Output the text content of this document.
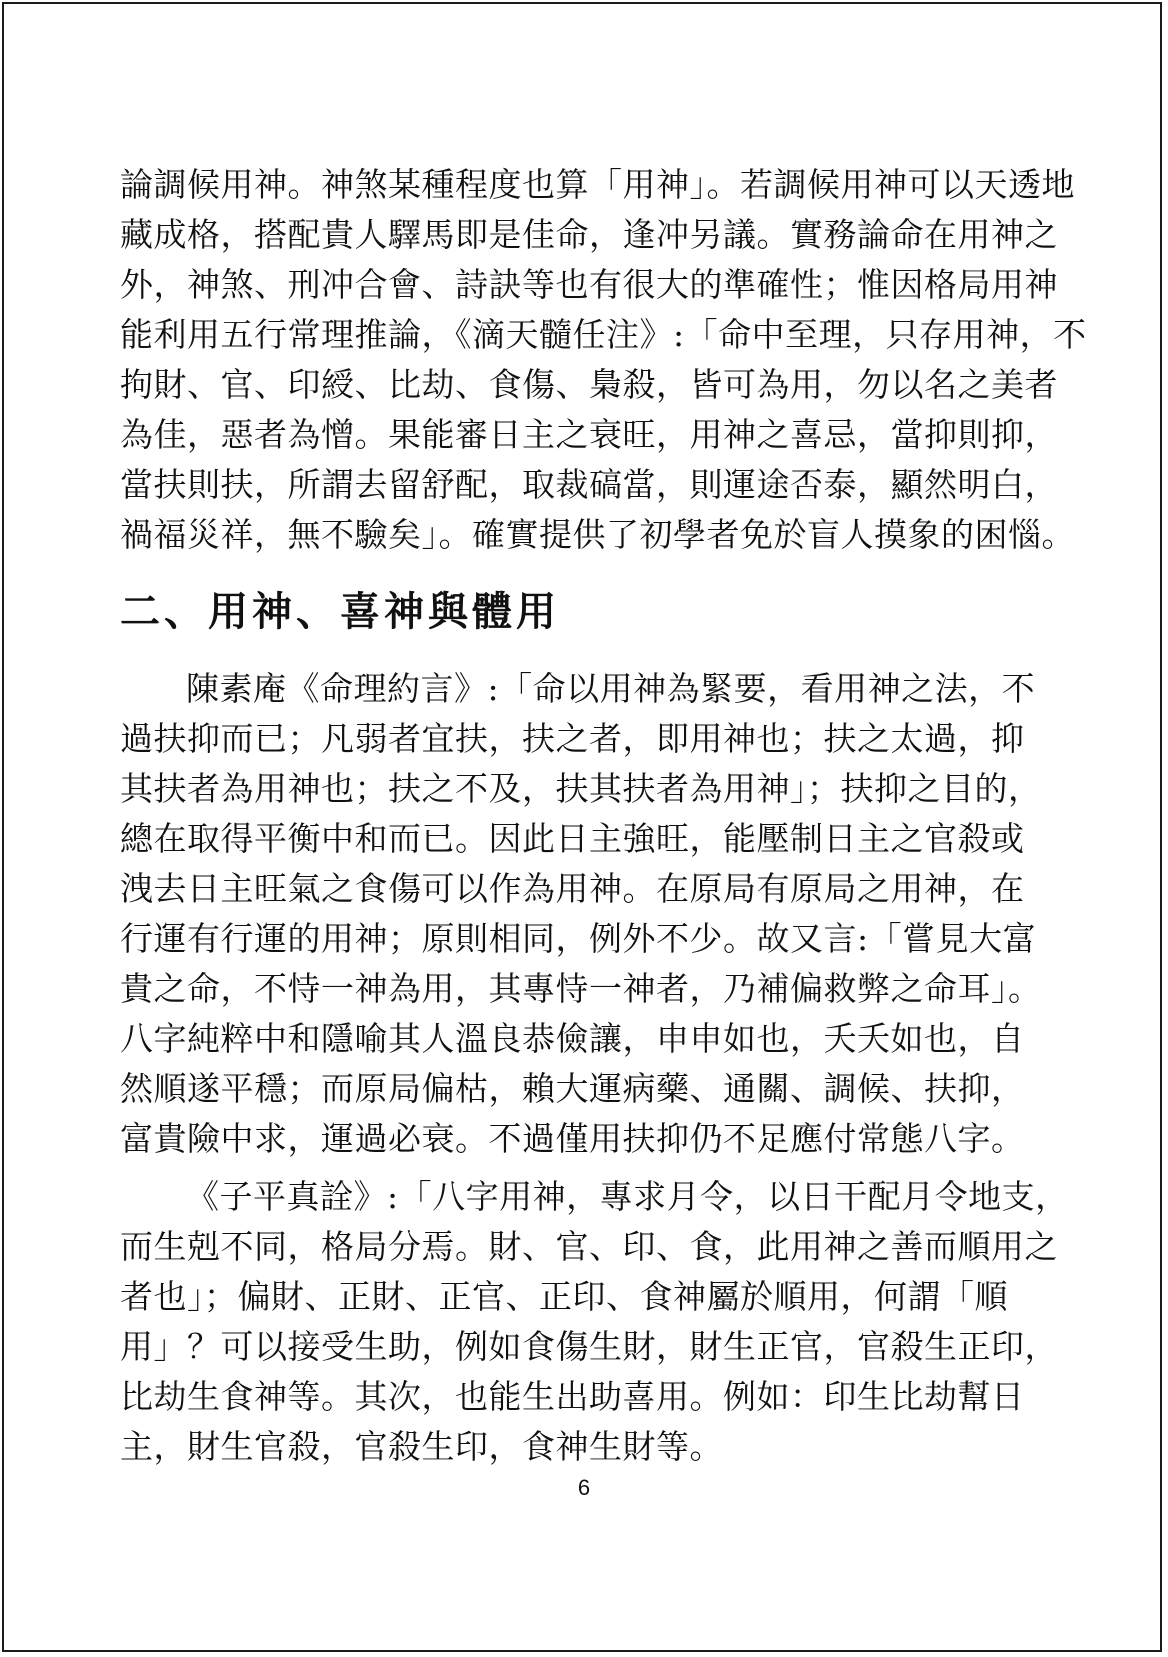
論調候用神。神煞某種程度也算「用神」。若調候用神可以天透地
藏成格，搭配貴人驛馬即是佳命，逢冲另議。實務論命在用神之
外，神煞、刑冲合會、詩訣等也有很大的準確性；惟因格局用神
能利用五行常理推論，《滴天髓任注》:「命中至理，只存用神，不
拘財、官、印綬、比劫、食傷、梟殺，皆可為用，勿以名之美者
為佳，惡者為憎。果能審日主之衰旺，用神之喜忌，當抑則抑，
當扶則扶，所謂去留舒配，取裁碻當，則運途否泰，顯然明白，
禍福災祥，無不驗矣」。確實提供了初學者免於盲人摸象的困惱。
二、用神、喜神與體用
陳素庵《命理約言》:「命以用神為緊要，看用神之法，不
過扶抑而已；凡弱者宜扶，扶之者，即用神也；扶之太過，抑
其扶者為用神也；扶之不及，扶其扶者為用神」；扶抑之目的，
總在取得平衡中和而已。因此日主強旺，能壓制日主之官殺或
洩去日主旺氣之食傷可以作為用神。在原局有原局之用神，在
行運有行運的用神；原則相同，例外不少。故又言:「嘗見大富
貴之命，不恃一神為用，其專恃一神者，乃補偏救弊之命耳」。
八字純粹中和隱喻其人溫良恭儉讓，申申如也，夭夭如也，自
然順遂平穩；而原局偏枯，賴大運病藥、通關、調候、扶抑，
富貴險中求，運過必衰。不過僅用扶抑仍不足應付常態八字。
《子平真詮》:「八字用神，專求月令，以日干配月令地支，
而生剋不同，格局分焉。財、官、印、食，此用神之善而順用之
者也」；偏財、正財、正官、正印、食神屬於順用，何謂「順
用」？可以接受生助，例如食傷生財，財生正官，官殺生正印，
比劫生食神等。其次，也能生出助喜用。例如：印生比劫幫日
主，財生官殺，官殺生印，食神生財等。
6
